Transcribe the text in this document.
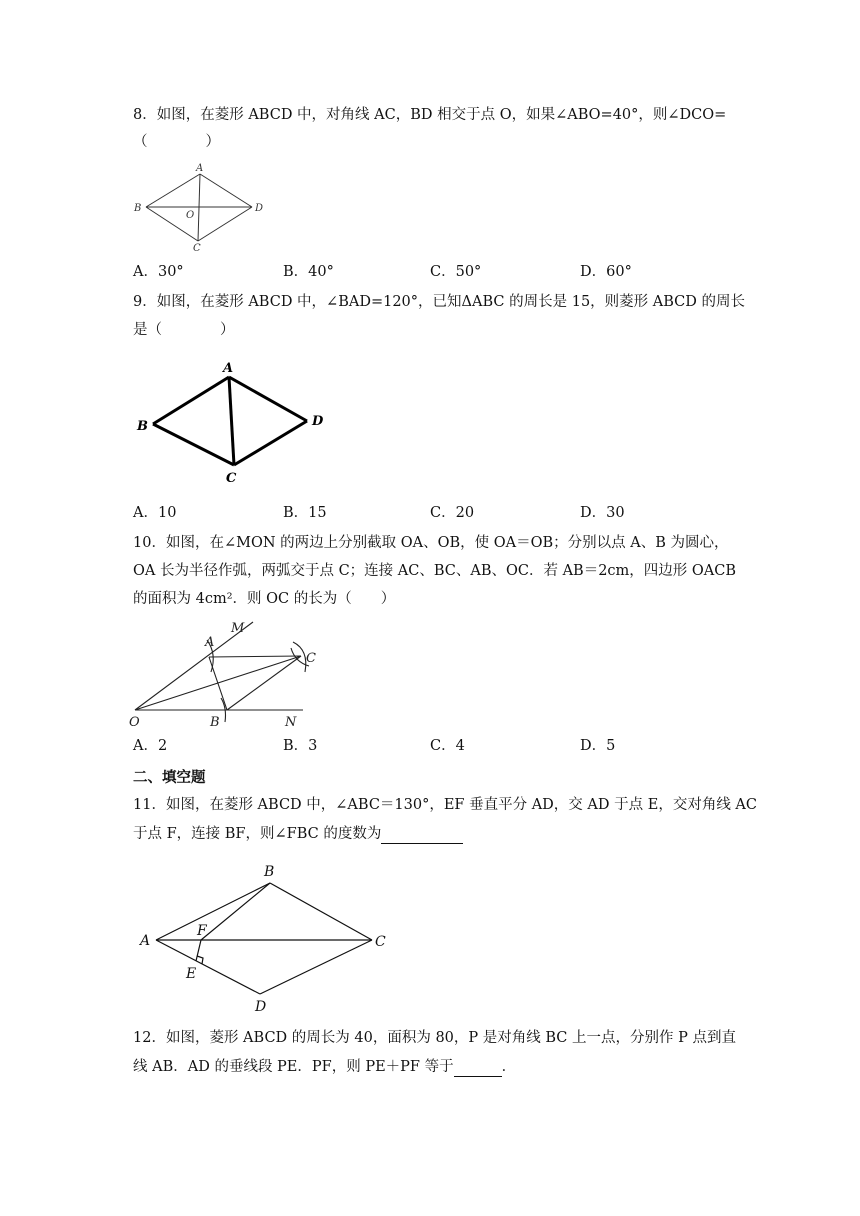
8．如图，在菱形 ABCD 中，对角线 AC，BD 相交于点 O，如果∠ABO=40°，则∠DCO=
（　　　　）
A
B
O
D
C
A．30°	B．40°	C．50°	D．60°
9．如图，在菱形 ABCD 中，∠BAD=120°，已知ΔABC 的周长是 15，则菱形 ABCD 的周长
是（　　　　）
A
B	D
C
A．10	B．15	C．20	D．30
10．如图，在∠MON 的两边上分别截取 OA、OB，使 OA＝OB；分别以点 A、B 为圆心，
OA 长为半径作弧，两弧交于点 C；连接 AC、BC、AB、OC．若 AB＝2cm，四边形 OACB
的面积为 4cm²．则 OC 的长为（　　）
A
M
C
O	B	N
A．2	B．3	C．4	D．5
二、填空题
11．如图，在菱形 ABCD 中，∠ABC＝130°，EF 垂直平分 AD，交 AD 于点 E，交对角线 AC
于点 F，连接 BF，则∠FBC 的度数为
B
A
F
C
E
D
12．如图，菱形 ABCD 的周长为 40，面积为 80，P 是对角线 BC 上一点，分别作 P 点到直
线 AB．AD 的垂线段 PE．PF，则 PE＋PF 等于	．
